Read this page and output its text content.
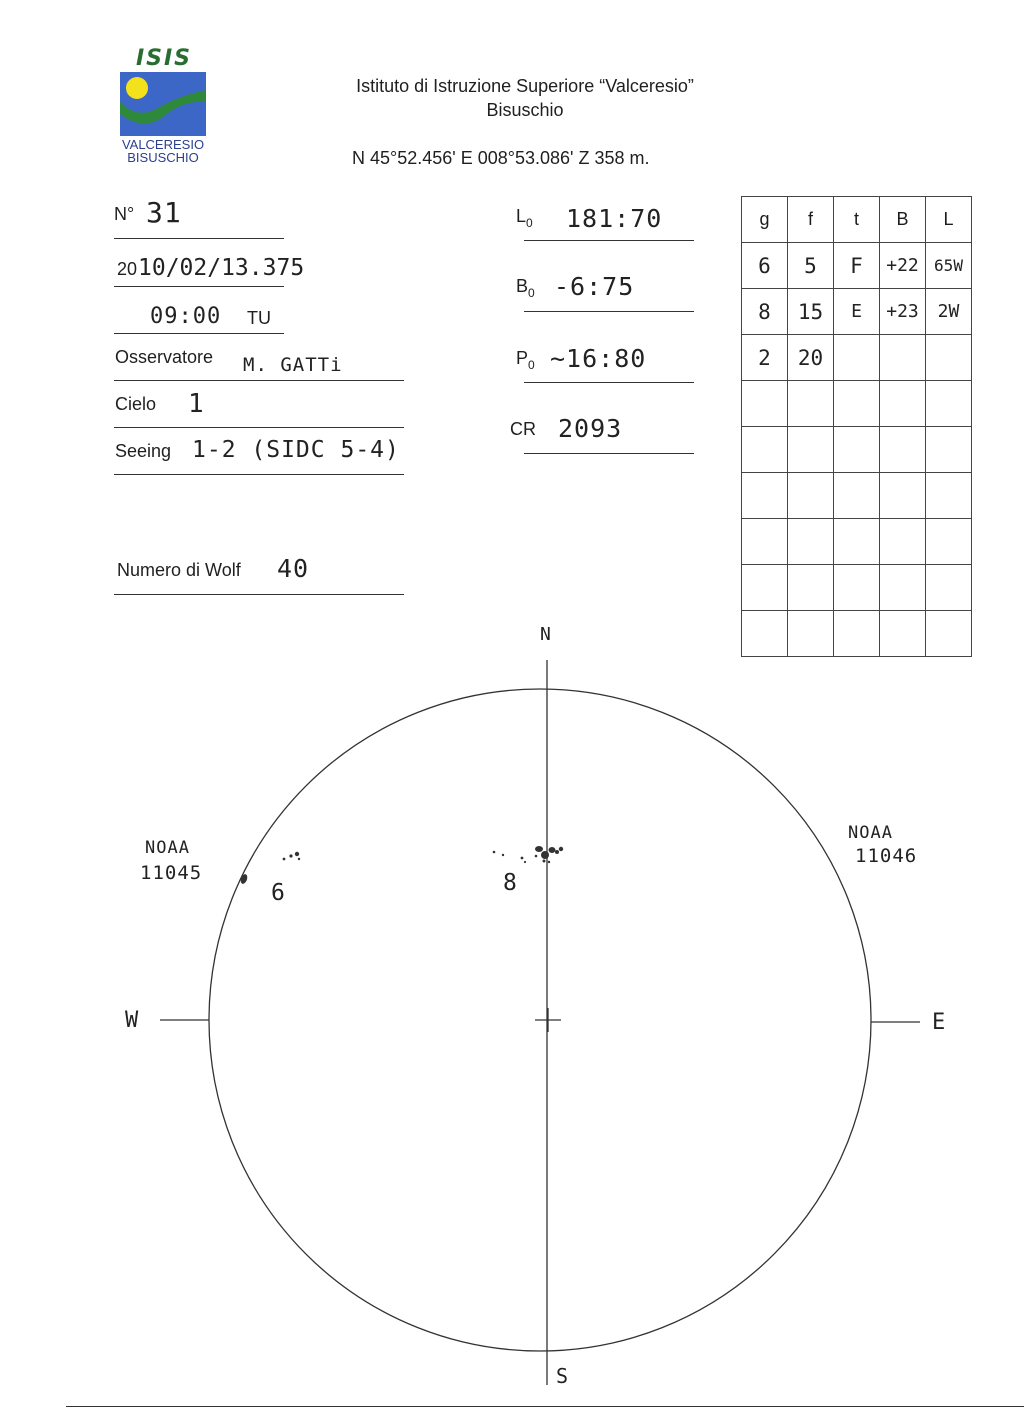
ISIS
VALCERESIO
BISUSCHIO
Istituto di Istruzione Superiore “Valceresio”
Bisuschio
N 45°52.456' E 008°53.086' Z 358 m.
N° 31
20 10/02/13.375
09:00 TU
Osservatore M. GATTi
Cielo 1
Seeing 1-2 (SIDC 5-4)
Numero di Wolf 40
$L_0$ 181:70
$B_0$ -6:75
$P_0$ ~16:80
CR 2093
g	f	t	B	L
6	5	F	+22	65W
8	15	E	+23	2W
2	20			

N
S
W	E
6	8
NOAA
11045
NOAA
11046
